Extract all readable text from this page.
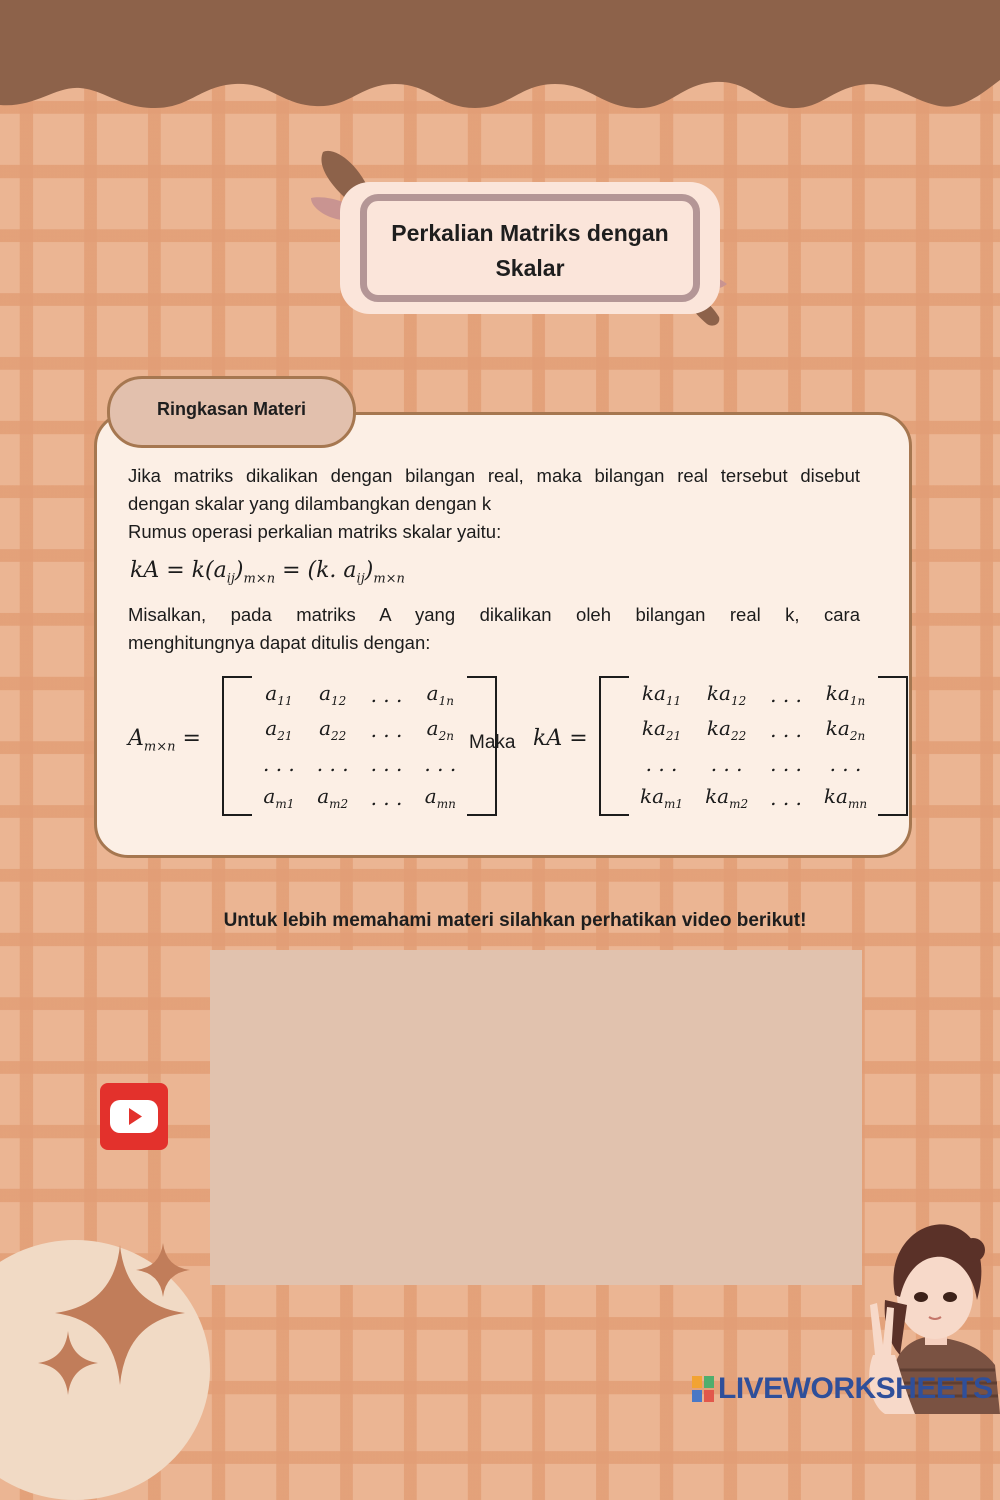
Perkalian Matriks dengan
Skalar
Ringkasan Materi

Jika matriks dikalikan dengan bilangan real, maka bilangan real tersebut disebut
dengan skalar yang dilambangkan dengan k

Rumus operasi perkalian matriks skalar yaitu:

kA = $k(a_{ij})_{m\times n} = (k$. $a_{ij})_{m\times n}$

Misalkan, pada matriks A yang dikalikan oleh bilangan real k, cara
menghitungnya dapat ditulis dengan:

$A_{m\times n}$ =
	$a_{11}$	$a_{12}$	. . .	$a_{1n}$	
	$a_{21}$	$a_{22}$	. . .	$a_{2n}$
	. . .	. . .	. . .	. . .	
	$a_{m1}$	$a_{m2}$	. . .	$a_{mn}$
Maka kA =
	$ka_{11}$	$ka_{12}$	. . .	$ka_{1n}$	
	$ka_{21}$	$ka_{22}$	. . .	$ka_{2n}$
	. . .	. . .	. . .	. . .	
	$ka_{m1}$	$ka_{m2}$	. . .	$ka_{mn}$
Untuk lebih memahami materi silahkan perhatikan video berikut!
LIVEWORKSHEETS
